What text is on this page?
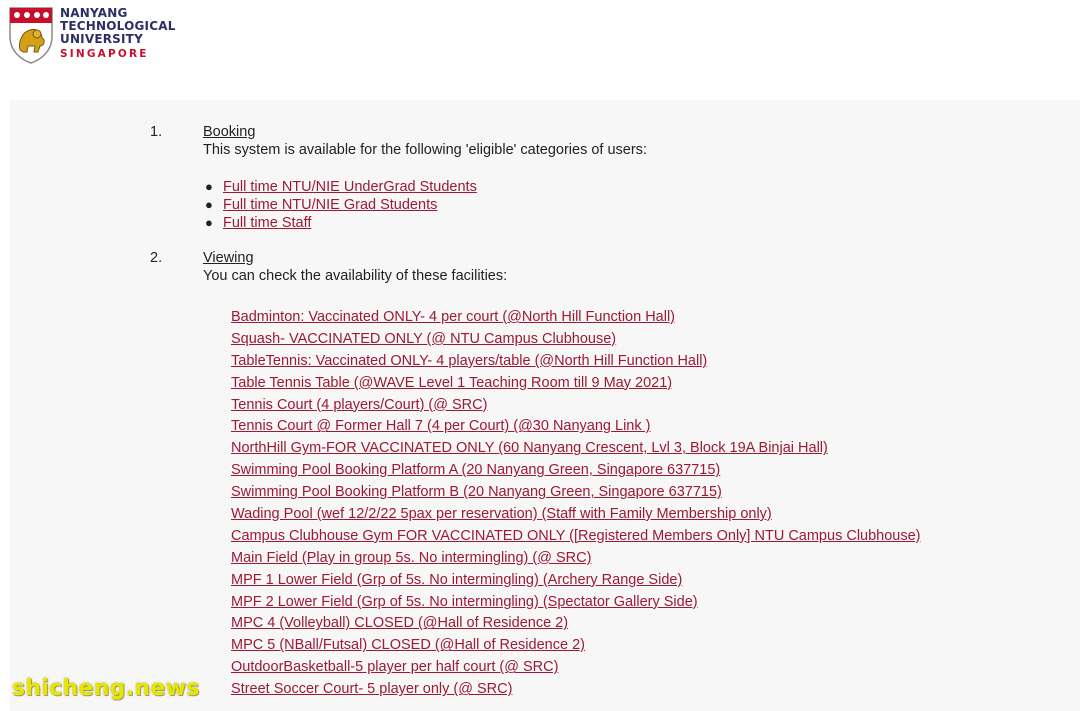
NANYANG
TECHNOLOGICAL
UNIVERSITY
SINGAPORE
1.	Booking
This system is available for the following 'eligible' categories of users:
● Full time NTU/NIE UnderGrad Students
● Full time NTU/NIE Grad Students
● Full time Staff
2.	Viewing
You can check the availability of these facilities:
Badminton: Vaccinated ONLY- 4 per court (@North Hill Function Hall)
Squash- VACCINATED ONLY (@ NTU Campus Clubhouse)
TableTennis: Vaccinated ONLY- 4 players/table (@North Hill Function Hall)
Table Tennis Table (@WAVE Level 1 Teaching Room till 9 May 2021)
Tennis Court (4 players/Court) (@ SRC)
Tennis Court @ Former Hall 7 (4 per Court) (@30 Nanyang Link )
NorthHill Gym-FOR VACCINATED ONLY (60 Nanyang Crescent, Lvl 3, Block 19A Binjai Hall)
Swimming Pool Booking Platform A (20 Nanyang Green, Singapore 637715)
Swimming Pool Booking Platform B (20 Nanyang Green, Singapore 637715)
Wading Pool (wef 12/2/22 5pax per reservation) (Staff with Family Membership only)
Campus Clubhouse Gym FOR VACCINATED ONLY ([Registered Members Only] NTU Campus Clubhouse)
Main Field (Play in group 5s. No intermingling) (@ SRC)
MPF 1 Lower Field (Grp of 5s. No intermingling) (Archery Range Side)
MPF 2 Lower Field (Grp of 5s. No intermingling) (Spectator Gallery Side)
MPC 4 (Volleyball) CLOSED (@Hall of Residence 2)
MPC 5 (NBall/Futsal) CLOSED (@Hall of Residence 2)
OutdoorBasketball-5 player per half court (@ SRC)
Street Soccer Court- 5 player only (@ SRC)
shicheng.news
